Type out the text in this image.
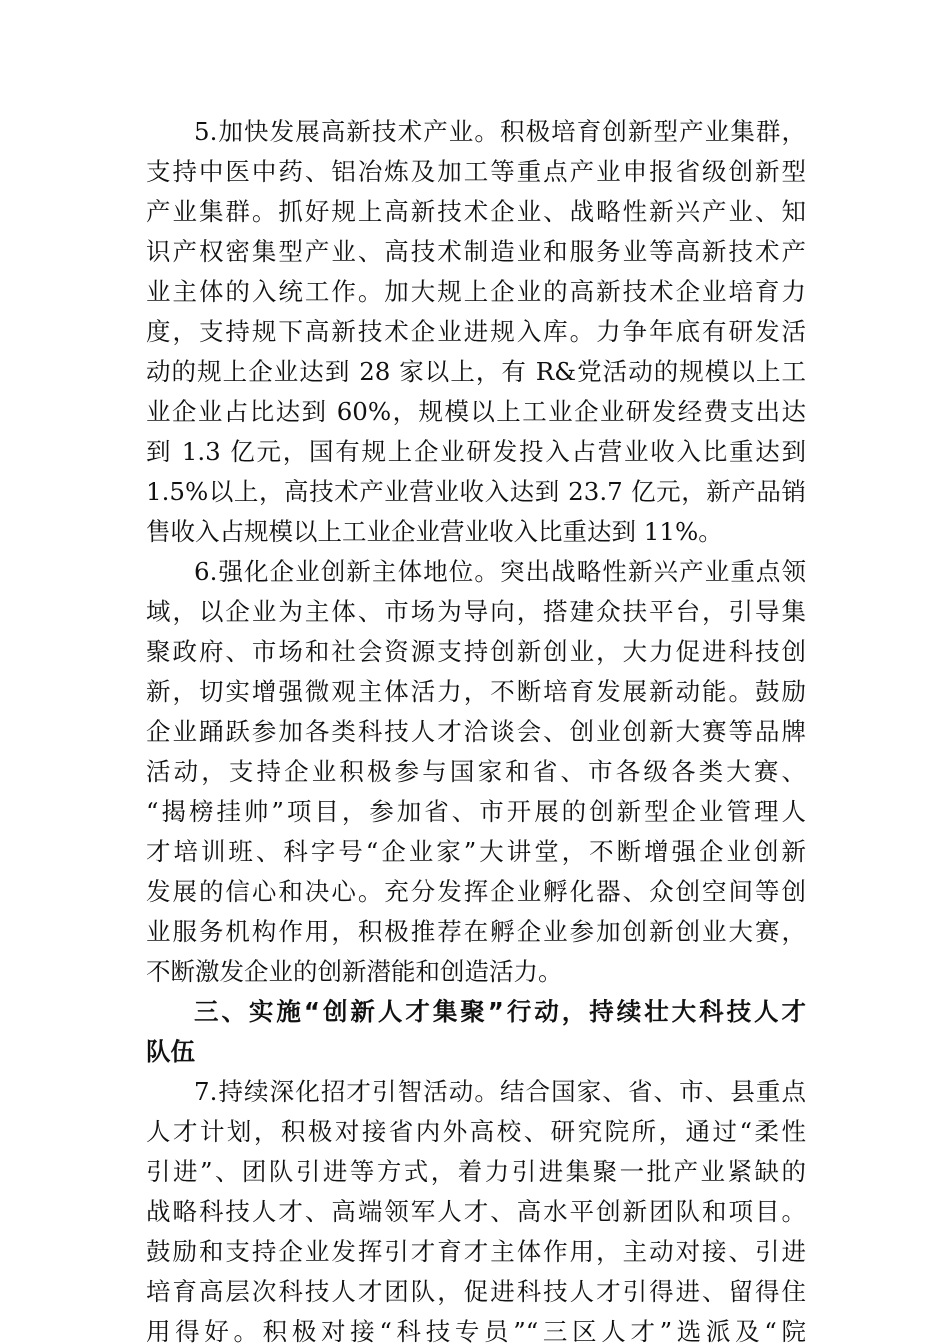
5.加快发展高新技术产业。积极培育创新型产业集群，
支持中医中药、铝冶炼及加工等重点产业申报省级创新型
产业集群。抓好规上高新技术企业、战略性新兴产业、知
识产权密集型产业、高技术制造业和服务业等高新技术产
业主体的入统工作。加大规上企业的高新技术企业培育力
度，支持规下高新技术企业进规入库。力争年底有研发活
动的规上企业达到 28 家以上，有 R&党活动的规模以上工
业企业占比达到 60%，规模以上工业企业研发经费支出达
到 1.3 亿元，国有规上企业研发投入占营业收入比重达到
1.5%以上，高技术产业营业收入达到 23.7 亿元，新产品销
售收入占规模以上工业企业营业收入比重达到 11%。
6.强化企业创新主体地位。突出战略性新兴产业重点领
域，以企业为主体、市场为导向，搭建众扶平台，引导集
聚政府、市场和社会资源支持创新创业，大力促进科技创
新，切实增强微观主体活力，不断培育发展新动能。鼓励
企业踊跃参加各类科技人才洽谈会、创业创新大赛等品牌
活动，支持企业积极参与国家和省、市各级各类大赛、
“揭榜挂帅”项目，参加省、市开展的创新型企业管理人
才培训班、科字号“企业家”大讲堂，不断增强企业创新
发展的信心和决心。充分发挥企业孵化器、众创空间等创
业服务机构作用，积极推荐在孵企业参加创新创业大赛，
不断激发企业的创新潜能和创造活力。
三、实施“创新人才集聚”行动，持续壮大科技人才
队伍
7.持续深化招才引智活动。结合国家、省、市、县重点
人才计划，积极对接省内外高校、研究院所，通过“柔性
引进”、团队引进等方式，着力引进集聚一批产业紧缺的
战略科技人才、高端领军人才、高水平创新团队和项目。
鼓励和支持企业发挥引才育才主体作用，主动对接、引进
培育高层次科技人才团队，促进科技人才引得进、留得住
用得好。积极对接“科技专员”“三区人才”选派及“院
